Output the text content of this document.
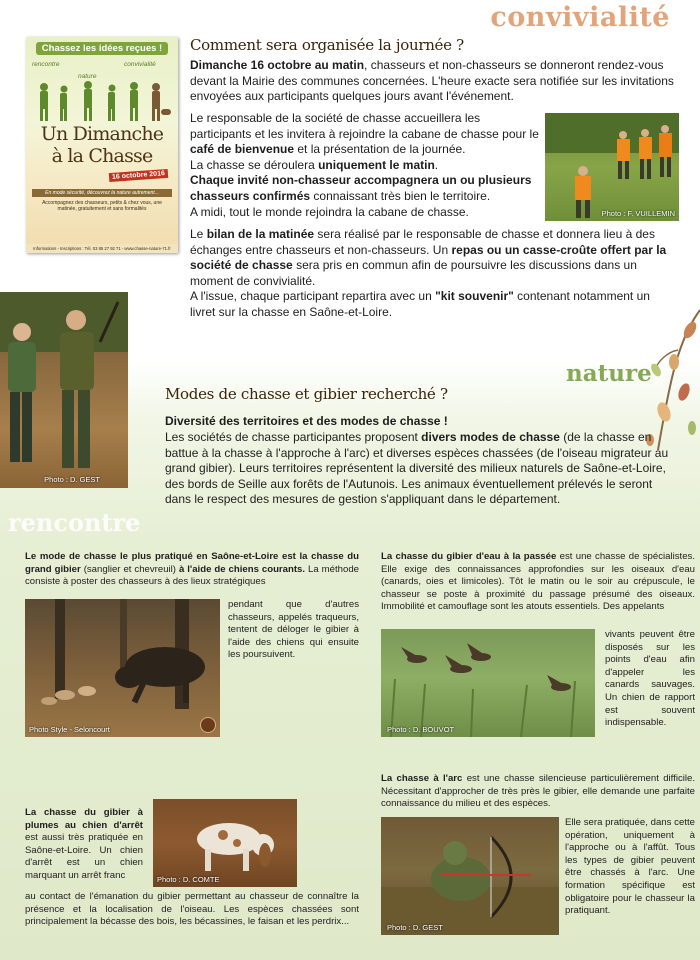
convivialité
nature
rencontre
Chassez les idées reçues !
rencontre	convivialité
nature
Un Dimanche
à la Chasse
16 octobre 2016
En mode sécurité, découvrez la nature autrement...
Accompagnez des chasseurs, petits & chez vous, une matinée, gratuitement et sans formalités
Informations - Inscriptions : Tél. 03 85 27 92 71 - www.chasse-nature-71.fr
Comment sera organisée la journée ?
Dimanche 16 octobre au matin, chasseurs et non-chasseurs se donneront rendez-vous devant la Mairie des communes concernées. L'heure exacte sera notifiée sur les invitations envoyées aux participants quelques jours avant l'événement.
Photo : F. VUILLEMIN
Le responsable de la société de chasse accueillera les participants et les invitera à rejoindre la cabane de chasse pour le café de bienvenue et la présentation de la journée.
La chasse se déroulera uniquement le matin.
Chaque invité non-chasseur accompagnera un ou plusieurs chasseurs confirmés connaissant très bien le territoire.
A midi, tout le monde rejoindra la cabane de chasse.
Le bilan de la matinée sera réalisé par le responsable de chasse et donnera lieu à des échanges entre chasseurs et non-chasseurs. Un repas ou un casse-croûte offert par la société de chasse sera pris en commun afin de poursuivre les discussions dans un moment de convivialité.
A l'issue, chaque participant repartira avec un "kit souvenir" contenant notamment un livret sur la chasse en Saône-et-Loire.
Photo : D. GEST
Modes de chasse et gibier recherché ?
Diversité des territoires et des modes de chasse !
Les sociétés de chasse participantes proposent divers modes de chasse (de la chasse en battue à la chasse à l'approche à l'arc) et diverses espèces chassées (de l'oiseau migrateur au grand gibier). Leurs territoires représentent la diversité des milieux naturels de Saône-et-Loire, des bords de Seille aux forêts de l'Autunois. Les animaux éventuellement prélevés le seront dans le respect des mesures de gestion s'appliquant dans le département.
Le mode de chasse le plus pratiqué en Saône-et-Loire est la chasse du grand gibier (sanglier et chevreuil) à l'aide de chiens courants. La méthode consiste à poster des chasseurs à des lieux stratégiques
Photo Style - Seloncourt
pendant que d'autres chasseurs, appelés traqueurs, tentent de déloger le gibier à l'aide des chiens qui ensuite les poursuivent.
La chasse du gibier à plumes au chien d'arrêt est aussi très pratiquée en Saône-et-Loire. Un chien d'arrêt est un chien marquant un arrêt franc	Photo : D. COMTE
au contact de l'émanation du gibier permettant au chasseur de connaître la présence et la localisation de l'oiseau. Les espèces chassées sont principalement la bécasse des bois, les bécassines, le faisan et les perdrix...
La chasse du gibier d'eau à la passée est une chasse de spécialistes. Elle exige des connaissances approfondies sur les oiseaux d'eau (canards, oies et limicoles). Tôt le matin ou le soir au crépuscule, le chasseur se poste à proximité du passage présumé des oiseaux. Immobilité et camouflage sont les atouts essentiels. Des appelants
Photo : D. BOUVOT
vivants peuvent être disposés sur les points d'eau afin d'appeler les canards sauvages. Un chien de rapport est souvent indispensable.
La chasse à l'arc est une chasse silencieuse particulièrement difficile. Nécessitant d'approcher de très près le gibier, elle demande une parfaite connaissance du milieu et des espèces.
Photo : D. GEST
Elle sera pratiquée, dans cette opération, uniquement à l'approche ou à l'affût. Tous les types de gibier peuvent être chassés à l'arc. Une formation spécifique est obligatoire pour le chasseur la pratiquant.
